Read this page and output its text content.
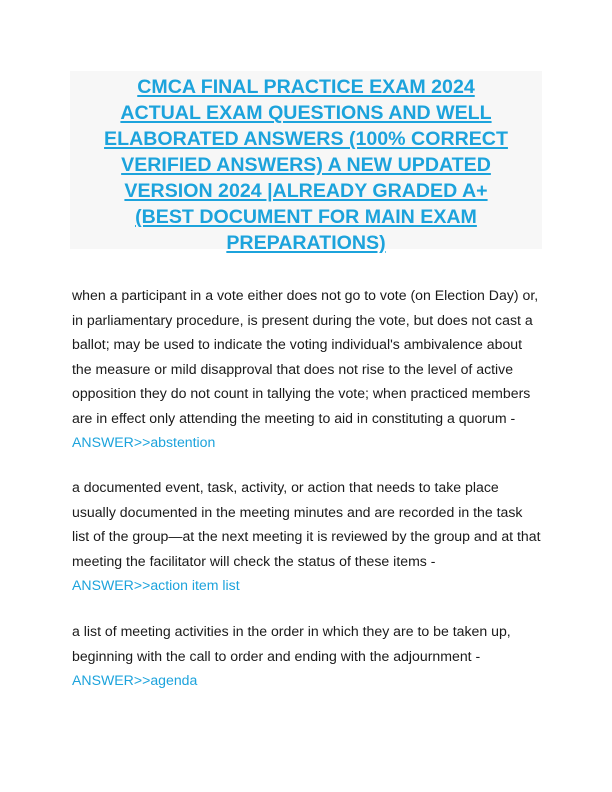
CMCA FINAL PRACTICE EXAM 2024
ACTUAL EXAM QUESTIONS AND WELL
ELABORATED ANSWERS (100% CORRECT
VERIFIED ANSWERS) A NEW UPDATED
VERSION 2024 |ALREADY GRADED A+
(BEST DOCUMENT FOR MAIN EXAM
PREPARATIONS)
when a participant in a vote either does not go to vote (on Election Day) or,
in parliamentary procedure, is present during the vote, but does not cast a
ballot; may be used to indicate the voting individual's ambivalence about
the measure or mild disapproval that does not rise to the level of active
opposition they do not count in tallying the vote; when practiced members
are in effect only attending the meeting to aid in constituting a quorum -
ANSWER>>abstention
a documented event, task, activity, or action that needs to take place
usually documented in the meeting minutes and are recorded in the task
list of the group—at the next meeting it is reviewed by the group and at that
meeting the facilitator will check the status of these items -
ANSWER>>action item list
a list of meeting activities in the order in which they are to be taken up,
beginning with the call to order and ending with the adjournment -
ANSWER>>agenda
